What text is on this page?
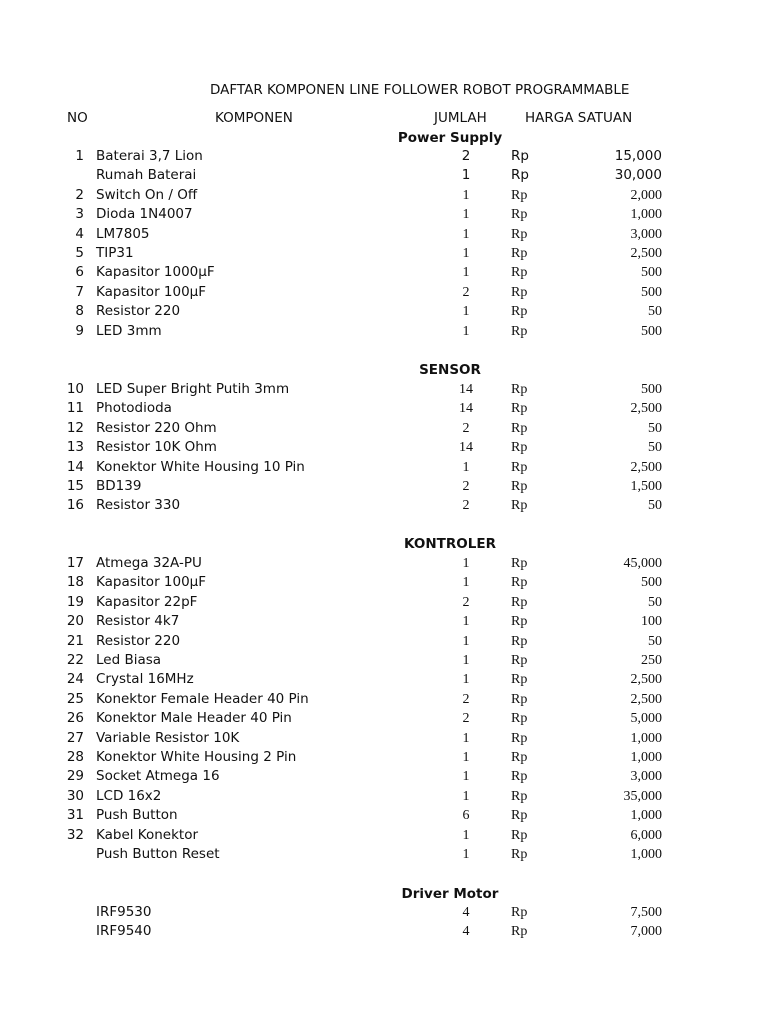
DAFTAR KOMPONEN LINE FOLLOWER ROBOT PROGRAMMABLE
NO	KOMPONEN	JUMLAH	HARGA SATUAN
Power Supply
1 Baterai 3,7 Lion	2	Rp	15,000
Rumah Baterai	1	Rp	30,000
2 Switch On / Off	1	Rp	2,000
3 Dioda 1N4007	1	Rp	1,000
4 LM7805	1	Rp	3,000
5 TIP31	1	Rp	2,500
6 Kapasitor 1000µF	1	Rp	500
7 Kapasitor 100µF	2	Rp	500
8 Resistor 220	1	Rp	50
9 LED 3mm	1	Rp	500
SENSOR
10 LED Super Bright Putih 3mm	14	Rp	500
11 Photodioda	14	Rp	2,500
12 Resistor 220 Ohm	2	Rp	50
13 Resistor 10K Ohm	14	Rp	50
14 Konektor White Housing 10 Pin	1	Rp	2,500
15 BD139	2	Rp	1,500
16 Resistor 330	2	Rp	50
KONTROLER
17 Atmega 32A-PU	1	Rp	45,000
18 Kapasitor 100µF	1	Rp	500
19 Kapasitor 22pF	2	Rp	50
20 Resistor 4k7	1	Rp	100
21 Resistor 220	1	Rp	50
22 Led Biasa	1	Rp	250
24 Crystal 16MHz	1	Rp	2,500
25 Konektor Female Header 40 Pin	2	Rp	2,500
26 Konektor Male Header 40 Pin	2	Rp	5,000
27 Variable Resistor 10K	1	Rp	1,000
28 Konektor White Housing 2 Pin	1	Rp	1,000
29 Socket Atmega 16	1	Rp	3,000
30 LCD 16x2	1	Rp	35,000
31 Push Button	6	Rp	1,000
32 Kabel Konektor	1	Rp	6,000
Push Button Reset	1	Rp	1,000
Driver Motor
IRF9530	4	Rp	7,500
IRF9540	4	Rp	7,000
